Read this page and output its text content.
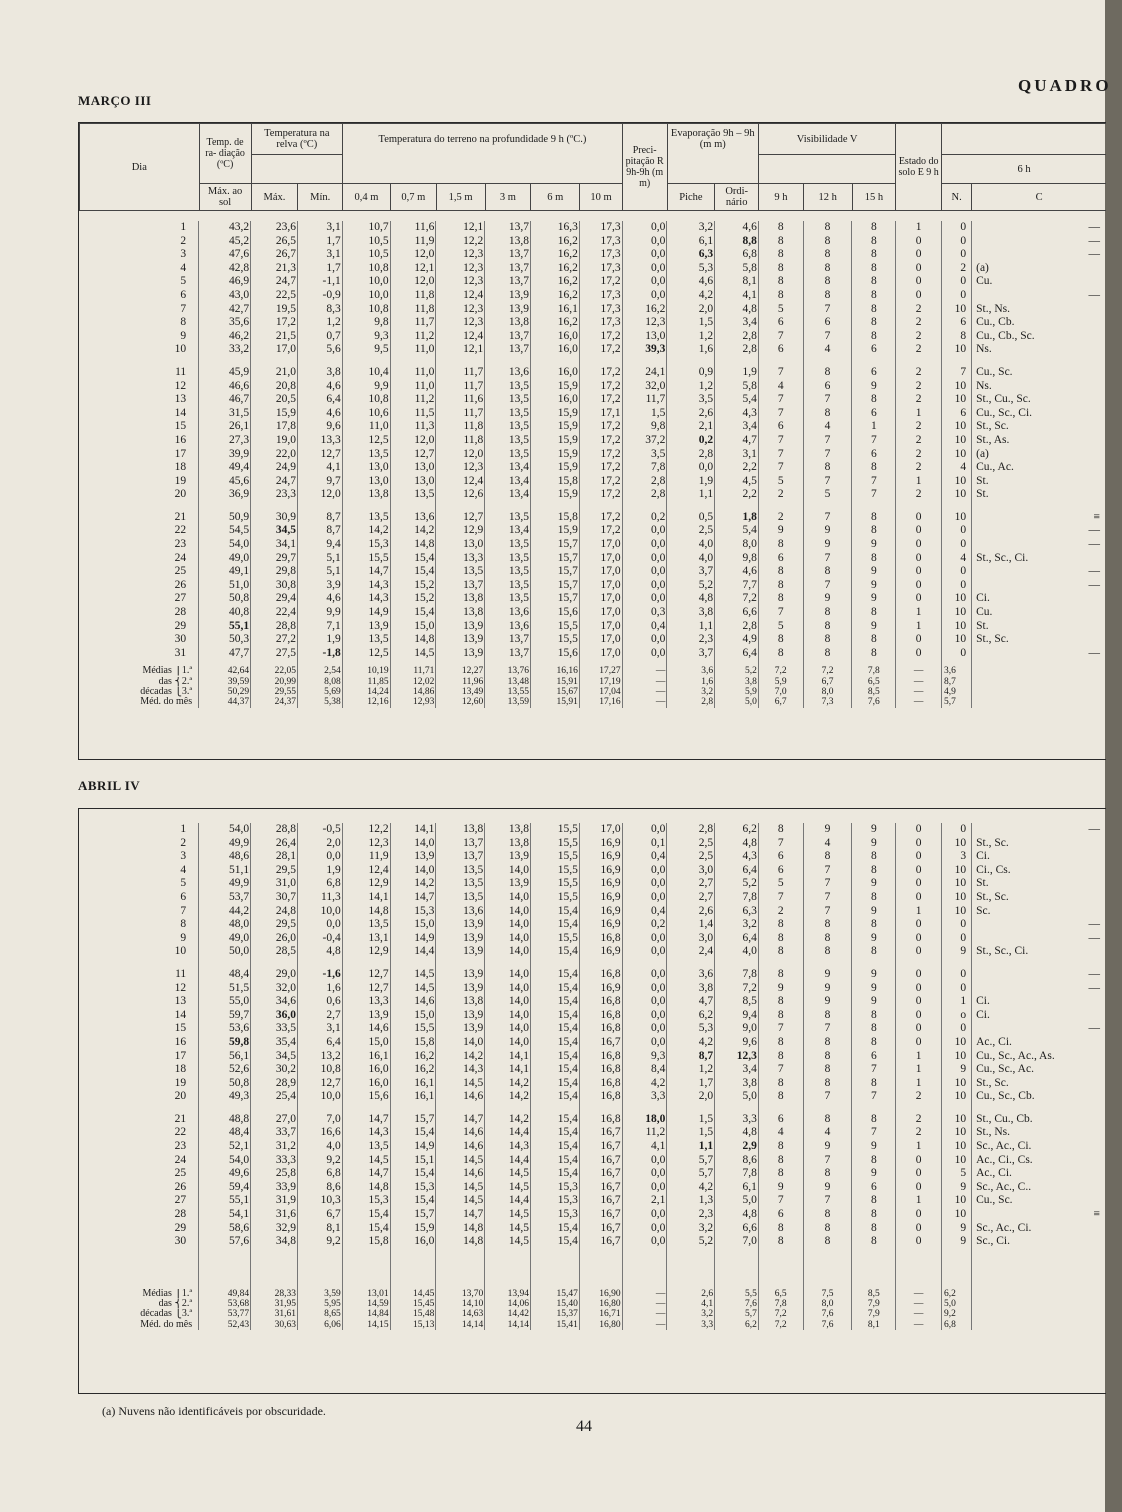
QUADRO
MARÇO III
Dia	Temp. de ra- diação (ºC)	Temperatura na relva (ºC)		Temperatura do terreno na profundidade 9 h (ºC.)						Preci- pitação R 9h-9h (m m)	Evaporação 9h – 9h (m m)		Visibilidade V			Estado do solo E 9 h		
																	6 h	
	Máx. ao sol	Máx.	Mín.	0,4 m	0,7 m	1,5 m	3 m	6 m	10 m		Piche	Ordi- nário	9 h	12 h	15 h		N.	C
1	43,2	23,6	3,1	10,7	11,6	12,1	13,7	16,3	17,3	0,0	3,2	4,6	8	8	8	1	0	—
2	45,2	26,5	1,7	10,5	11,9	12,2	13,8	16,2	17,3	0,0	6,1	8,8	8	8	8	0	0	—
3	47,6	26,7	3,1	10,5	12,0	12,3	13,7	16,2	17,3	0,0	6,3	6,8	8	8	8	0	0	—
4	42,8	21,3	1,7	10,8	12,1	12,3	13,7	16,2	17,3	0,0	5,3	5,8	8	8	8	0	2	(a)
5	46,9	24,7	-1,1	10,0	12,0	12,3	13,7	16,2	17,2	0,0	4,6	8,1	8	8	8	0	0	Cu.
6	43,0	22,5	-0,9	10,0	11,8	12,4	13,9	16,2	17,3	0,0	4,2	4,1	8	8	8	0	0	—
7	42,7	19,5	8,3	10,8	11,8	12,3	13,9	16,1	17,3	16,2	2,0	4,8	5	7	8	2	10	St., Ns.
8	35,6	17,2	1,2	9,8	11,7	12,3	13,8	16,2	17,3	12,3	1,5	3,4	6	6	8	2	6	Cu., Cb.
9	46,2	21,5	0,7	9,3	11,2	12,4	13,7	16,0	17,2	13,0	1,2	2,8	7	7	8	2	8	Cu., Cb., Sc.
10	33,2	17,0	5,6	9,5	11,0	12,1	13,7	16,0	17,2	39,3	1,6	2,8	6	4	6	2	10	Ns.

11	45,9	21,0	3,8	10,4	11,0	11,7	13,6	16,0	17,2	24,1	0,9	1,9	7	8	6	2	7	Cu., Sc.
12	46,6	20,8	4,6	9,9	11,0	11,7	13,5	15,9	17,2	32,0	1,2	5,8	4	6	9	2	10	Ns.
13	46,7	20,5	6,4	10,8	11,2	11,6	13,5	16,0	17,2	11,7	3,5	5,4	7	7	8	2	10	St., Cu., Sc.
14	31,5	15,9	4,6	10,6	11,5	11,7	13,5	15,9	17,1	1,5	2,6	4,3	7	8	6	1	6	Cu., Sc., Ci.
15	26,1	17,8	9,6	11,0	11,3	11,8	13,5	15,9	17,2	9,8	2,1	3,4	6	4	1	2	10	St., Sc.
16	27,3	19,0	13,3	12,5	12,0	11,8	13,5	15,9	17,2	37,2	0,2	4,7	7	7	7	2	10	St., As.
17	39,9	22,0	12,7	13,5	12,7	12,0	13,5	15,9	17,2	3,5	2,8	3,1	7	7	6	2	10	(a)
18	49,4	24,9	4,1	13,0	13,0	12,3	13,4	15,9	17,2	7,8	0,0	2,2	7	8	8	2	4	Cu., Ac.
19	45,6	24,7	9,7	13,0	13,0	12,4	13,4	15,8	17,2	2,8	1,9	4,5	5	7	7	1	10	St.
20	36,9	23,3	12,0	13,8	13,5	12,6	13,4	15,9	17,2	2,8	1,1	2,2	2	5	7	2	10	St.

21	50,9	30,9	8,7	13,5	13,6	12,7	13,5	15,8	17,2	0,2	0,5	1,8	2	7	8	0	10	≡
22	54,5	34,5	8,7	14,2	14,2	12,9	13,4	15,9	17,2	0,0	2,5	5,4	9	9	8	0	0	—
23	54,0	34,1	9,4	15,3	14,8	13,0	13,5	15,7	17,0	0,0	4,0	8,0	8	9	9	0	0	—
24	49,0	29,7	5,1	15,5	15,4	13,3	13,5	15,7	17,0	0,0	4,0	9,8	6	7	8	0	4	St., Sc., Ci.
25	49,1	29,8	5,1	14,7	15,4	13,5	13,5	15,7	17,0	0,0	3,7	4,6	8	8	9	0	0	—
26	51,0	30,8	3,9	14,3	15,2	13,7	13,5	15,7	17,0	0,0	5,2	7,7	8	7	9	0	0	—
27	50,8	29,4	4,6	14,3	15,2	13,8	13,5	15,7	17,0	0,0	4,8	7,2	8	9	9	0	10	Ci.
28	40,8	22,4	9,9	14,9	15,4	13,8	13,6	15,6	17,0	0,3	3,8	6,6	7	8	8	1	10	Cu.
29	55,1	28,8	7,1	13,9	15,0	13,9	13,6	15,5	17,0	0,4	1,1	2,8	5	8	9	1	10	St.
30	50,3	27,2	1,9	13,5	14,8	13,9	13,7	15,5	17,0	0,0	2,3	4,9	8	8	8	0	10	St., Sc.
31	47,7	27,5	-1,8	12,5	14,5	13,9	13,7	15,6	17,0	0,0	3,7	6,4	8	8	8	0	0	—

Médias ⎧1.ª	42,64	22,05	2,54	10,19	11,71	12,27	13,76	16,16	17,27	—	3,6	5,2	7,2	7,2	7,8	—	3,6	
das ⎨2.ª	39,59	20,99	8,08	11,85	12,02	11,96	13,48	15,91	17,19	—	1,6	3,8	5,9	6,7	6,5	—	8,7	
décadas ⎩3.ª	50,29	29,55	5,69	14,24	14,86	13,49	13,55	15,67	17,04	—	3,2	5,9	7,0	8,0	8,5	—	4,9	
Méd. do mês	44,37	24,37	5,38	12,16	12,93	12,60	13,59	15,91	17,16	—	2,8	5,0	6,7	7,3	7,6	—	5,7	
ABRIL IV
1	54,0	28,8	-0,5	12,2	14,1	13,8	13,8	15,5	17,0	0,0	2,8	6,2	8	9	9	0	0	—
2	49,9	26,4	2,0	12,3	14,0	13,7	13,8	15,5	16,9	0,1	2,5	4,8	7	4	9	0	10	St., Sc.
3	48,6	28,1	0,0	11,9	13,9	13,7	13,9	15,5	16,9	0,4	2,5	4,3	6	8	8	0	3	Ci.
4	51,1	29,5	1,9	12,4	14,0	13,5	14,0	15,5	16,9	0,0	3,0	6,4	6	7	8	0	10	Ci., Cs.
5	49,9	31,0	6,8	12,9	14,2	13,5	13,9	15,5	16,9	0,0	2,7	5,2	5	7	9	0	10	St.
6	53,7	30,7	11,3	14,1	14,7	13,5	14,0	15,5	16,9	0,0	2,7	7,8	7	7	8	0	10	St., Sc.
7	44,2	24,8	10,0	14,8	15,3	13,6	14,0	15,4	16,9	0,4	2,6	6,3	2	7	9	1	10	Sc.
8	48,0	29,5	0,0	13,5	15,0	13,9	14,0	15,4	16,9	0,2	1,4	3,2	8	8	8	0	0	—
9	49,0	26,0	-0,4	13,1	14,9	13,9	14,0	15,5	16,8	0,0	3,0	6,4	8	8	9	0	0	—
10	50,0	28,5	4,8	12,9	14,4	13,9	14,0	15,4	16,9	0,0	2,4	4,0	8	8	8	0	9	St., Sc., Ci.

11	48,4	29,0	-1,6	12,7	14,5	13,9	14,0	15,4	16,8	0,0	3,6	7,8	8	9	9	0	0	—
12	51,5	32,0	1,6	12,7	14,5	13,9	14,0	15,4	16,9	0,0	3,8	7,2	9	9	9	0	0	—
13	55,0	34,6	0,6	13,3	14,6	13,8	14,0	15,4	16,8	0,0	4,7	8,5	8	9	9	0	1	Ci.
14	59,7	36,0	2,7	13,9	15,0	13,9	14,0	15,4	16,8	0,0	6,2	9,4	8	8	8	0	o	Ci.
15	53,6	33,5	3,1	14,6	15,5	13,9	14,0	15,4	16,8	0,0	5,3	9,0	7	7	8	0	0	—
16	59,8	35,4	6,4	15,0	15,8	14,0	14,0	15,4	16,7	0,0	4,2	9,6	8	8	8	0	10	Ac., Ci.
17	56,1	34,5	13,2	16,1	16,2	14,2	14,1	15,4	16,8	9,3	8,7	12,3	8	8	6	1	10	Cu., Sc., Ac., As.
18	52,6	30,2	10,8	16,0	16,2	14,3	14,1	15,4	16,8	8,4	1,2	3,4	7	8	7	1	9	Cu., Sc., Ac.
19	50,8	28,9	12,7	16,0	16,1	14,5	14,2	15,4	16,8	4,2	1,7	3,8	8	8	8	1	10	St., Sc.
20	49,3	25,4	10,0	15,6	16,1	14,6	14,2	15,4	16,8	3,3	2,0	5,0	8	7	7	2	10	Cu., Sc., Cb.

21	48,8	27,0	7,0	14,7	15,7	14,7	14,2	15,4	16,8	18,0	1,5	3,3	6	8	8	2	10	St., Cu., Cb.
22	48,4	33,7	16,6	14,3	15,4	14,6	14,4	15,4	16,7	11,2	1,5	4,8	4	4	7	2	10	St., Ns.
23	52,1	31,2	4,0	13,5	14,9	14,6	14,3	15,4	16,7	4,1	1,1	2,9	8	9	9	1	10	Sc., Ac., Ci.
24	54,0	33,3	9,2	14,5	15,1	14,5	14,4	15,4	16,7	0,0	5,7	8,6	8	7	8	0	10	Ac., Ci., Cs.
25	49,6	25,8	6,8	14,7	15,4	14,6	14,5	15,4	16,7	0,0	5,7	7,8	8	8	9	0	5	Ac., Ci.
26	59,4	33,9	8,6	14,8	15,3	14,5	14,5	15,3	16,7	0,0	4,2	6,1	9	9	6	0	9	Sc., Ac., C..
27	55,1	31,9	10,3	15,3	15,4	14,5	14,4	15,3	16,7	2,1	1,3	5,0	7	7	8	1	10	Cu., Sc.
28	54,1	31,6	6,7	15,4	15,7	14,7	14,5	15,3	16,7	0,0	2,3	4,8	6	8	8	0	10	≡
29	58,6	32,9	8,1	15,4	15,9	14,8	14,5	15,4	16,7	0,0	3,2	6,6	8	8	8	0	9	Sc., Ac., Ci.
30	57,6	34,8	9,2	15,8	16,0	14,8	14,5	15,4	16,7	0,0	5,2	7,0	8	8	8	0	9	Sc., Ci.

Médias ⎧1.ª	49,84	28,33	3,59	13,01	14,45	13,70	13,94	15,47	16,90	—	2,6	5,5	6,5	7,5	8,5	—	6,2	
das ⎨2.ª	53,68	31,95	5,95	14,59	15,45	14,10	14,06	15,40	16,80	—	4,1	7,6	7,8	8,0	7,9	—	5,0	
décadas ⎩3.ª	53,77	31,61	8,65	14,84	15,48	14,63	14,42	15,37	16,71	—	3,2	5,7	7,2	7,6	7,9	—	9,2	
Méd. do mês	52,43	30,63	6,06	14,15	15,13	14,14	14,14	15,41	16,80	—	3,3	6,2	7,2	7,6	8,1	—	6,8	
(a) Nuvens não identificáveis por obscuridade.
44
